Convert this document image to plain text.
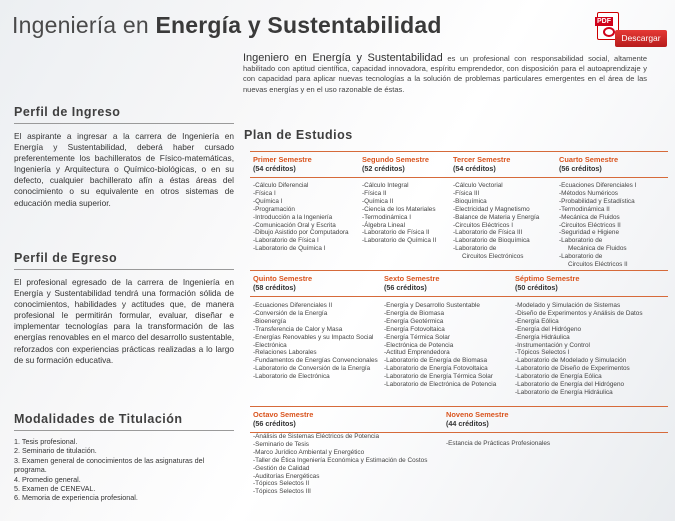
Ingeniería en Energía y Sustentabilidad	PDF
Descargar
Ingeniero en Energía y Sustentabilidad es un profesional con responsabilidad social, altamente habilitado con aptitud científica, capacidad innovadora, espíritu emprendedor, con disposición para el autoaprendizaje y con capacidad para aplicar nuevas tecnologías a la solución de problemas particulares emergentes en el área de las nuevas energías y en el uso razonable de éstas.
Perfil de Ingreso
El aspirante a ingresar a la carrera de Ingeniería en Energía y Sustentabilidad, deberá haber cursado preferentemente los bachilleratos de Físico-matemáticas, Ingeniería y Arquitectura o Químico-biológicas, o en su defecto, cualquier bachillerato afín a éstas áreas del conocimiento o su equivalente en otros sistemas de educación media superior.
Perfil de Egreso
El profesional egresado de la carrera de Ingeniería en Energía y Sustentabilidad tendrá una formación sólida de conocimientos, habilidades y actitudes que, de manera profesional le permitirán formular, evaluar, diseñar e implementar tecnologías para la transformación de las energías renovables en el marco del desarrollo sustentable, reforzados con experiencias prácticas realizadas a lo largo de su formación educativa.
Modalidades de Titulación
1. Tesis profesional.
2. Seminario de titulación.
3. Examen general de conocimientos de las asignaturas del programa.
4. Promedio general.
5. Examen de CENEVAL.
6. Memoria de experiencia profesional.
Plan de Estudios
Primer Semestre
(54 créditos)
-Cálculo Diferencial
-Física I
-Química I
-Programación
-Introducción a la Ingeniería
-Comunicación Oral y Escrita
-Dibujo Asistido por Computadora
-Laboratorio de Física I
-Laboratorio de Química I
Segundo Semestre
(52 créditos)
-Cálculo Integral
-Física II
-Química II
-Ciencia de los Materiales
-Termodinámica I
-Álgebra Lineal
-Laboratorio de Física II
-Laboratorio de Química II
Tercer Semestre
(54 créditos)
-Cálculo Vectorial
-Física III
-Bioquímica
-Electricidad y Magnetismo
-Balance de Materia y Energía
-Circuitos Eléctricos I
-Laboratorio de Física III
-Laboratorio de Bioquímica
-Laboratorio de
Circuitos Electrónicos
Cuarto Semestre
(56 créditos)
-Ecuaciones Diferenciales I
-Métodos Numéricos
-Probabilidad y Estadística
-Termodinámica II
-Mecánica de Fluidos
-Circuitos Eléctricos II
-Seguridad e Higiene
-Laboratorio de
Mecánica de Fluidos
-Laboratorio de
Circuitos Eléctricos II
Quinto Semestre
(58 créditos)
-Ecuaciones Diferenciales II
-Conversión de la Energía
-Bioenergía
-Transferencia de Calor y Masa
-Energías Renovables y su Impacto Social
-Electrónica
-Relaciones Laborales
-Fundamentos de Energías Convencionales
-Laboratorio de Conversión de la Energía
-Laboratorio de Electrónica
Sexto Semestre
(56 créditos)
-Energía y Desarrollo Sustentable
-Energía de Biomasa
-Energía Geotérmica
-Energía Fotovoltaica
-Energía Térmica Solar
-Electrónica de Potencia
-Actitud Emprendedora
-Laboratorio de Energía de Biomasa
-Laboratorio de Energía Fotovoltaica
-Laboratorio de Energía Térmica Solar
-Laboratorio de Electrónica de Potencia
Séptimo Semestre
(50 créditos)
-Modelado y Simulación de Sistemas
-Diseño de Experimentos y Análisis de Datos
-Energía Eólica
-Energía del Hidrógeno
-Energía Hidráulica
-Instrumentación y Control
-Tópicos Selectos I
-Laboratorio de Modelado y Simulación
-Laboratorio de Diseño de Experimentos
-Laboratorio de Energía Eólica
-Laboratorio de Energía del Hidrógeno
-Laboratorio de Energía Hidráulica
Octavo Semestre
(56 créditos)
-Análisis de Sistemas Eléctricos de Potencia
-Seminario de Tesis
-Marco Jurídico Ambiental y Energético
-Taller de Ética Ingeniería Económica y Estimación de Costos
-Gestión de Calidad
-Auditorías Energéticas
-Tópicos Selectos II
-Tópicos Selectos III
Noveno Semestre
(44 créditos)
-Estancia de Prácticas Profesionales
